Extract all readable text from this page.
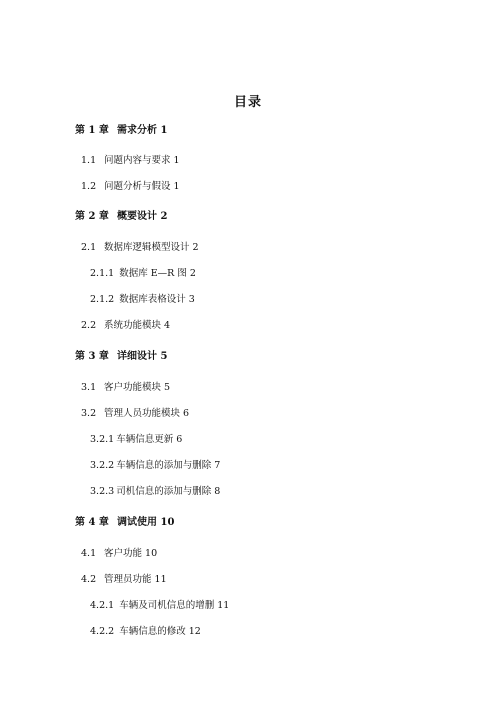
目录
第 1 章 需求分析 1
1.1 问题内容与要求 1
1.2 问题分析与假设 1
第 2 章 概要设计 2
2.1 数据库逻辑模型设计 2
2.1.1 数据库 E—R 图 2
2.1.2 数据库表格设计 3
2.2 系统功能模块 4
第 3 章 详细设计 5
3.1 客户功能模块 5
3.2 管理人员功能模块 6
3.2.1 车辆信息更新 6
3.2.2 车辆信息的添加与删除 7
3.2.3 司机信息的添加与删除 8
第 4 章 调试使用 10
4.1 客户功能 10
4.2 管理员功能 11
4.2.1 车辆及司机信息的增删 11
4.2.2 车辆信息的修改 12
